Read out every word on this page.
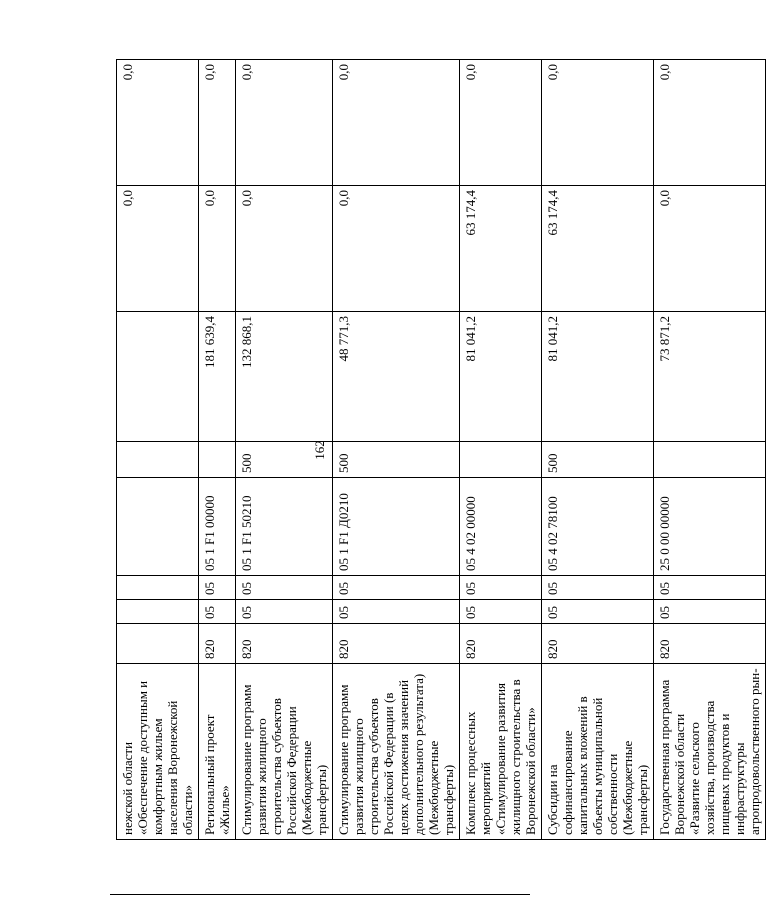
162
нежской области «Обеспечение доступным и комфортным жильем населения Воронежской области»							0,0	0,0
Региональный проект «Жилье»	820	05	05	05 1 F1 00000		181 639,4	0,0	0,0
Стимулирование программ развития жилищного строительства субъектов Российской Федерации (Межбюджетные трансферты)	820	05	05	05 1 F1 50210	500	132 868,1	0,0	0,0
Стимулирование программ развития жилищного строительства субъектов Российской Федерации (в целях достижения значений дополнительного результата) (Межбюджетные трансферты)	820	05	05	05 1 F1 Д0210	500	48 771,3	0,0	0,0
Комплекс процессных мероприятий «Стимулирование развития жилищного строительства в Воронежской области»	820	05	05	05 4 02 00000		81 041,2	63 174,4	0,0
Субсидии на софинансирование капитальных вложений в объекты муниципальной собственности (Межбюджетные трансферты)	820	05	05	05 4 02 78100	500	81 041,2	63 174,4	0,0
Государственная программа Воронежской области «Развитие сельского хозяйства, производства пищевых продуктов и инфраструктуры агропродовольственного рын-	820	05	05	25 0 00 00000		73 871,2	0,0	0,0
